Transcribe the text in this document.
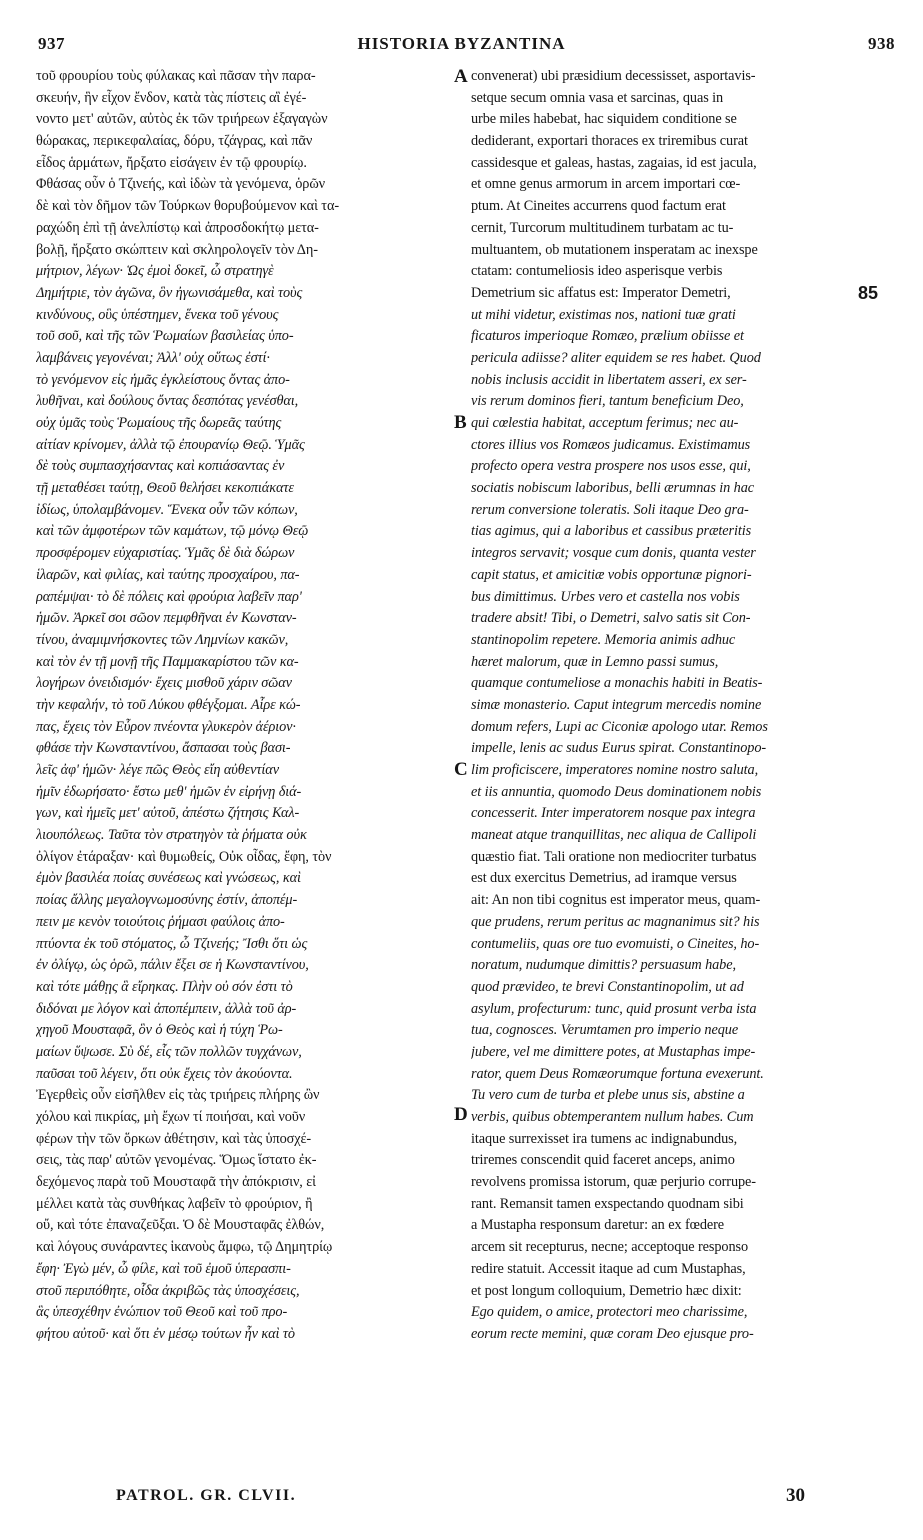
937	HISTORIA BYZANTINA	938
τοῦ φρουρίου τοὺς φύλακας καὶ πᾶσαν τὴν παρα-
σκευήν, ἣν εἶχον ἔνδον, κατὰ τὰς πίστεις αἳ ἐγέ-
νοντο μετ' αὐτῶν, αὐτὸς ἐκ τῶν τριήρεων ἐξαγαγὼν
θώρακας, περικεφαλαίας, δόρυ, τζάγρας, καὶ πᾶν
εἶδος ἁρμάτων, ἤρξατο εἰσάγειν ἐν τῷ φρουρίῳ.
Φθάσας οὖν ὁ Τζινεής, καὶ ἰδὼν τὰ γενόμενα, ὁρῶν
δὲ καὶ τὸν δῆμον τῶν Τούρκων θορυβούμενον καὶ τα-
ραχώδη ἐπὶ τῇ ἀνελπίστῳ καὶ ἀπροσδοκήτῳ μετα-
βολῇ, ἤρξατο σκώπτειν καὶ σκληρολογεῖν τὸν Δη-
μήτριον, λέγων· Ὡς ἐμοὶ δοκεῖ, ὦ στρατηγὲ
Δημήτριε, τὸν ἀγῶνα, ὃν ἠγωνισάμεθα, καὶ τοὺς
κινδύνους, οὓς ὑπέστημεν, ἕνεκα τοῦ γένους
τοῦ σοῦ, καὶ τῆς τῶν Ῥωμαίων βασιλείας ὑπο-
λαμβάνεις γεγονέναι; Ἀλλ' οὐχ οὕτως ἐστί·
τὸ γενόμενον εἰς ἡμᾶς ἐγκλείστους ὄντας ἀπο-
λυθῆναι, καὶ δούλους ὄντας δεσπότας γενέσθαι,
οὐχ ὑμᾶς τοὺς Ῥωμαίους τῆς δωρεᾶς ταύτης
αἰτίαν κρίνομεν, ἀλλὰ τῷ ἐπουρανίῳ Θεῷ. Ὑμᾶς
δὲ τοὺς συμπασχήσαντας καὶ κοπιάσαντας ἐν
τῇ μεταθέσει ταύτῃ, Θεοῦ θελήσει κεκοπιάκατε
ἰδίως, ὑπολαμβάνομεν. Ἕνεκα οὖν τῶν κόπων,
καὶ τῶν ἀμφοτέρων τῶν καμάτων, τῷ μόνῳ Θεῷ
προσφέρομεν εὐχαριστίας. Ὑμᾶς δὲ διὰ δώρων
ἱλαρῶν, καὶ φιλίας, καὶ ταύτης προσχαίρου, πα-
ραπέμψαι· τὸ δὲ πόλεις καὶ φρούρια λαβεῖν παρ'
ἡμῶν. Ἀρκεῖ σοι σῶον πεμφθῆναι ἐν Κωνσταν-
τίνου, ἀναμιμνήσκοντες τῶν Λημνίων κακῶν,
καὶ τὸν ἐν τῇ μονῇ τῆς Παμμακαρίστου τῶν κα-
λογήρων ὀνειδισμόν· ἔχεις μισθοῦ χάριν σῶαν
τὴν κεφαλήν, τὸ τοῦ Λύκου φθέγξομαι. Αἶρε κώ-
πας, ἔχεις τὸν Εὖρον πνέοντα γλυκερὸν ἀέριον·
φθάσε τὴν Κωνσταντίνου, ἄσπασαι τοὺς βασι-
λεῖς ἀφ' ἡμῶν· λέγε πῶς Θεὸς εἴη αὐθεντίαν
ἡμῖν ἐδωρήσατο· ἔστω μεθ' ἡμῶν ἐν εἰρήνῃ διά-
γων, καὶ ἡμεῖς μετ' αὐτοῦ, ἀπέστω ζήτησις Καλ-
λιουπόλεως. Ταῦτα τὸν στρατηγὸν τὰ ῥήματα οὐκ
ὀλίγον ἐτάραξαν· καὶ θυμωθείς, Οὐκ οἶδας, ἔφη, τὸν
ἐμὸν βασιλέα ποίας συνέσεως καὶ γνώσεως, καὶ
ποίας ἄλλης μεγαλογνωμοσύνης ἐστίν, ἀποπέμ-
πειν με κενὸν τοιούτοις ῥήμασι φαύλοις ἀπο-
πτύοντα ἐκ τοῦ στόματος, ὦ Τζινεής; Ἴσθι ὅτι ὡς
ἐν ὀλίγῳ, ὡς ὁρῶ, πάλιν ἔξει σε ἡ Κωνσταντίνου,
καὶ τότε μάθῃς ἃ εἴρηκας. Πλὴν οὐ σόν ἐστι τὸ
διδόναι με λόγον καὶ ἀποπέμπειν, ἀλλὰ τοῦ ἀρ-
χηγοῦ Μουσταφᾶ, ὃν ὁ Θεὸς καὶ ἡ τύχη Ῥω-
μαίων ὕψωσε. Σὺ δέ, εἷς τῶν πολλῶν τυγχάνων,
παῦσαι τοῦ λέγειν, ὅτι οὐκ ἔχεις τὸν ἀκούοντα.
Ἐγερθεὶς οὖν εἰσῆλθεν εἰς τὰς τριήρεις πλήρης ὢν
χόλου καὶ πικρίας, μὴ ἔχων τί ποιήσαι, καὶ νοῦν
φέρων τὴν τῶν ὅρκων ἀθέτησιν, καὶ τὰς ὑποσχέ-
σεις, τὰς παρ' αὐτῶν γενομένας. Ὅμως ἵστατο ἐκ-
δεχόμενος παρὰ τοῦ Μουσταφᾶ τὴν ἀπόκρισιν, εἰ
μέλλει κατὰ τὰς συνθήκας λαβεῖν τὸ φρούριον, ἢ
οὔ, καὶ τότε ἐπαναζεῦξαι. Ὁ δὲ Μουσταφᾶς ἐλθών,
καὶ λόγους συνάραντες ἱκανοὺς ἄμφω, τῷ Δημητρίῳ
ἔφη· Ἐγὼ μέν, ὦ φίλε, καὶ τοῦ ἐμοῦ ὑπερασπι-
στοῦ περιπόθητε, οἶδα ἀκριβῶς τὰς ὑποσχέσεις,
ἃς ὑπεσχέθην ἐνώπιον τοῦ Θεοῦ καὶ τοῦ προ-
φήτου αὐτοῦ· καὶ ὅτι ἐν μέσῳ τούτων ἦν καὶ τὸ
convenerat) ubi præsidium decessisset, asportavis-
setque secum omnia vasa et sarcinas, quas in
urbe miles habebat, hac siquidem conditione se
dediderant, exportari thoraces ex triremibus curat
cassidesque et galeas, hastas, zagaias, id est jacula,
et omne genus armorum in arcem importari cœ-
ptum. At Cineites accurrens quod factum erat
cernit, Turcorum multitudinem turbatam ac tu-
multuantem, ob mutationem insperatam ac inexspe
ctatam: contumeliosis ideo asperisque verbis
Demetrium sic affatus est: Imperator Demetri,
ut mihi videtur, existimas nos, nationi tuæ grati
ficaturos imperioque Romæo, prælium obiisse et
pericula adiisse? aliter equidem se res habet. Quod
nobis inclusis accidit in libertatem asseri, ex ser-
vis rerum dominos fieri, tantum beneficium Deo,
qui cœlestia habitat, acceptum ferimus; nec au-
ctores illius vos Romæos judicamus. Existimamus
profecto opera vestra prospere nos usos esse, qui,
sociatis nobiscum laboribus, belli ærumnas in hac
rerum conversione toleratis. Soli itaque Deo gra-
tias agimus, qui a laboribus et cassibus præteritis
integros servavit; vosque cum donis, quanta vester
capit status, et amicitiæ vobis opportunæ pignori-
bus dimittimus. Urbes vero et castella nos vobis
tradere absit! Tibi, o Demetri, salvo satis sit Con-
stantinopolim repetere. Memoria animis adhuc
hæret malorum, quæ in Lemno passi sumus,
quamque contumeliose a monachis habiti in Beatis-
simæ monasterio. Caput integrum mercedis nomine
domum refers, Lupi ac Ciconiæ apologo utar. Remos
impelle, lenis ac sudus Eurus spirat. Constantinopo-
lim proficiscere, imperatores nomine nostro saluta,
et iis annuntia, quomodo Deus dominationem nobis
concesserit. Inter imperatorem nosque pax integra
maneat atque tranquillitas, nec aliqua de Callipoli
quæstio fiat. Tali oratione non mediocriter turbatus
est dux exercitus Demetrius, ad iramque versus
ait: An non tibi cognitus est imperator meus, quam-
que prudens, rerum peritus ac magnanimus sit? his
contumeliis, quas ore tuo evomuisti, o Cineites, ho-
noratum, nudumque dimittis? persuasum habe,
quod prævideo, te brevi Constantinopolim, ut ad
asylum, profecturum: tunc, quid prosunt verba ista
tua, cognosces. Verumtamen pro imperio neque
jubere, vel me dimittere potes, at Mustaphas impe-
rator, quem Deus Romæorumque fortuna evexerunt.
Tu vero cum de turba et plebe unus sis, abstine a
verbis, quibus obtemperantem nullum habes. Cum
itaque surrexisset ira tumens ac indignabundus,
triremes conscendit quid faceret anceps, animo
revolvens promissa istorum, quæ perjurio corrupe-
rant. Remansit tamen exspectando quodnam sibi
a Mustapha responsum daretur: an ex fœdere
arcem sit recepturus, necne; acceptoque responso
redire statuit. Accessit itaque ad cum Mustaphas,
et post longum colloquium, Demetrio hæc dixit:
Ego quidem, o amice, protectori meo charissime,
eorum recte memini, quæ coram Deo ejusque pro-
A
B
C
D
85
PATROL. GR. CLVII.	30
